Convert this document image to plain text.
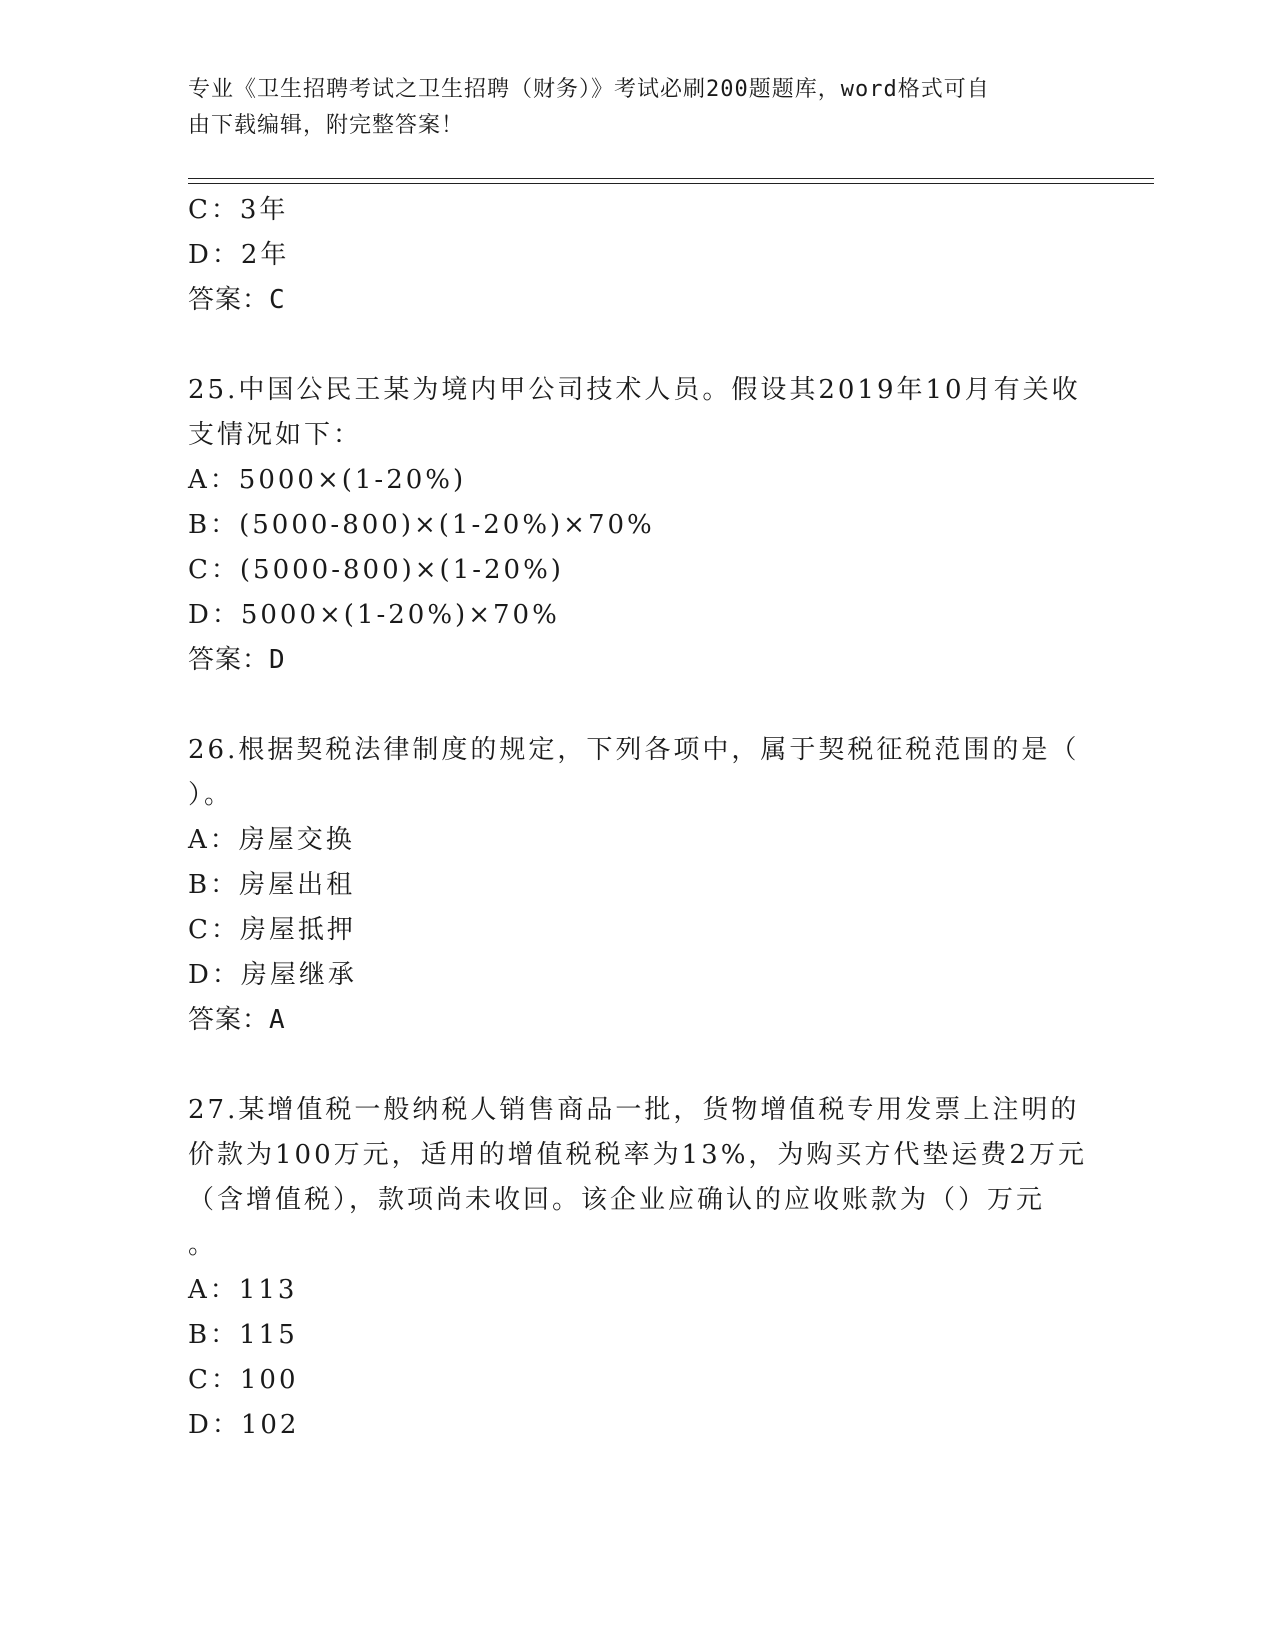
专业《卫生招聘考试之卫生招聘（财务）》考试必刷200题题库，word格式可自
由下载编辑，附完整答案！
C：3年
D：2年
答案：C
25.中国公民王某为境内甲公司技术人员。假设其2019年10月有关收
支情况如下：
A：5000×(1-20%)
B：(5000-800)×(1-20%)×70%
C：(5000-800)×(1-20%)
D：5000×(1-20%)×70%
答案：D
26.根据契税法律制度的规定，下列各项中，属于契税征税范围的是（
）。
A：房屋交换
B：房屋出租
C：房屋抵押
D：房屋继承
答案：A
27.某增值税一般纳税人销售商品一批，货物增值税专用发票上注明的
价款为100万元，适用的增值税税率为13%，为购买方代垫运费2万元
（含增值税），款项尚未收回。该企业应确认的应收账款为（）万元
。
A：113
B：115
C：100
D：102
